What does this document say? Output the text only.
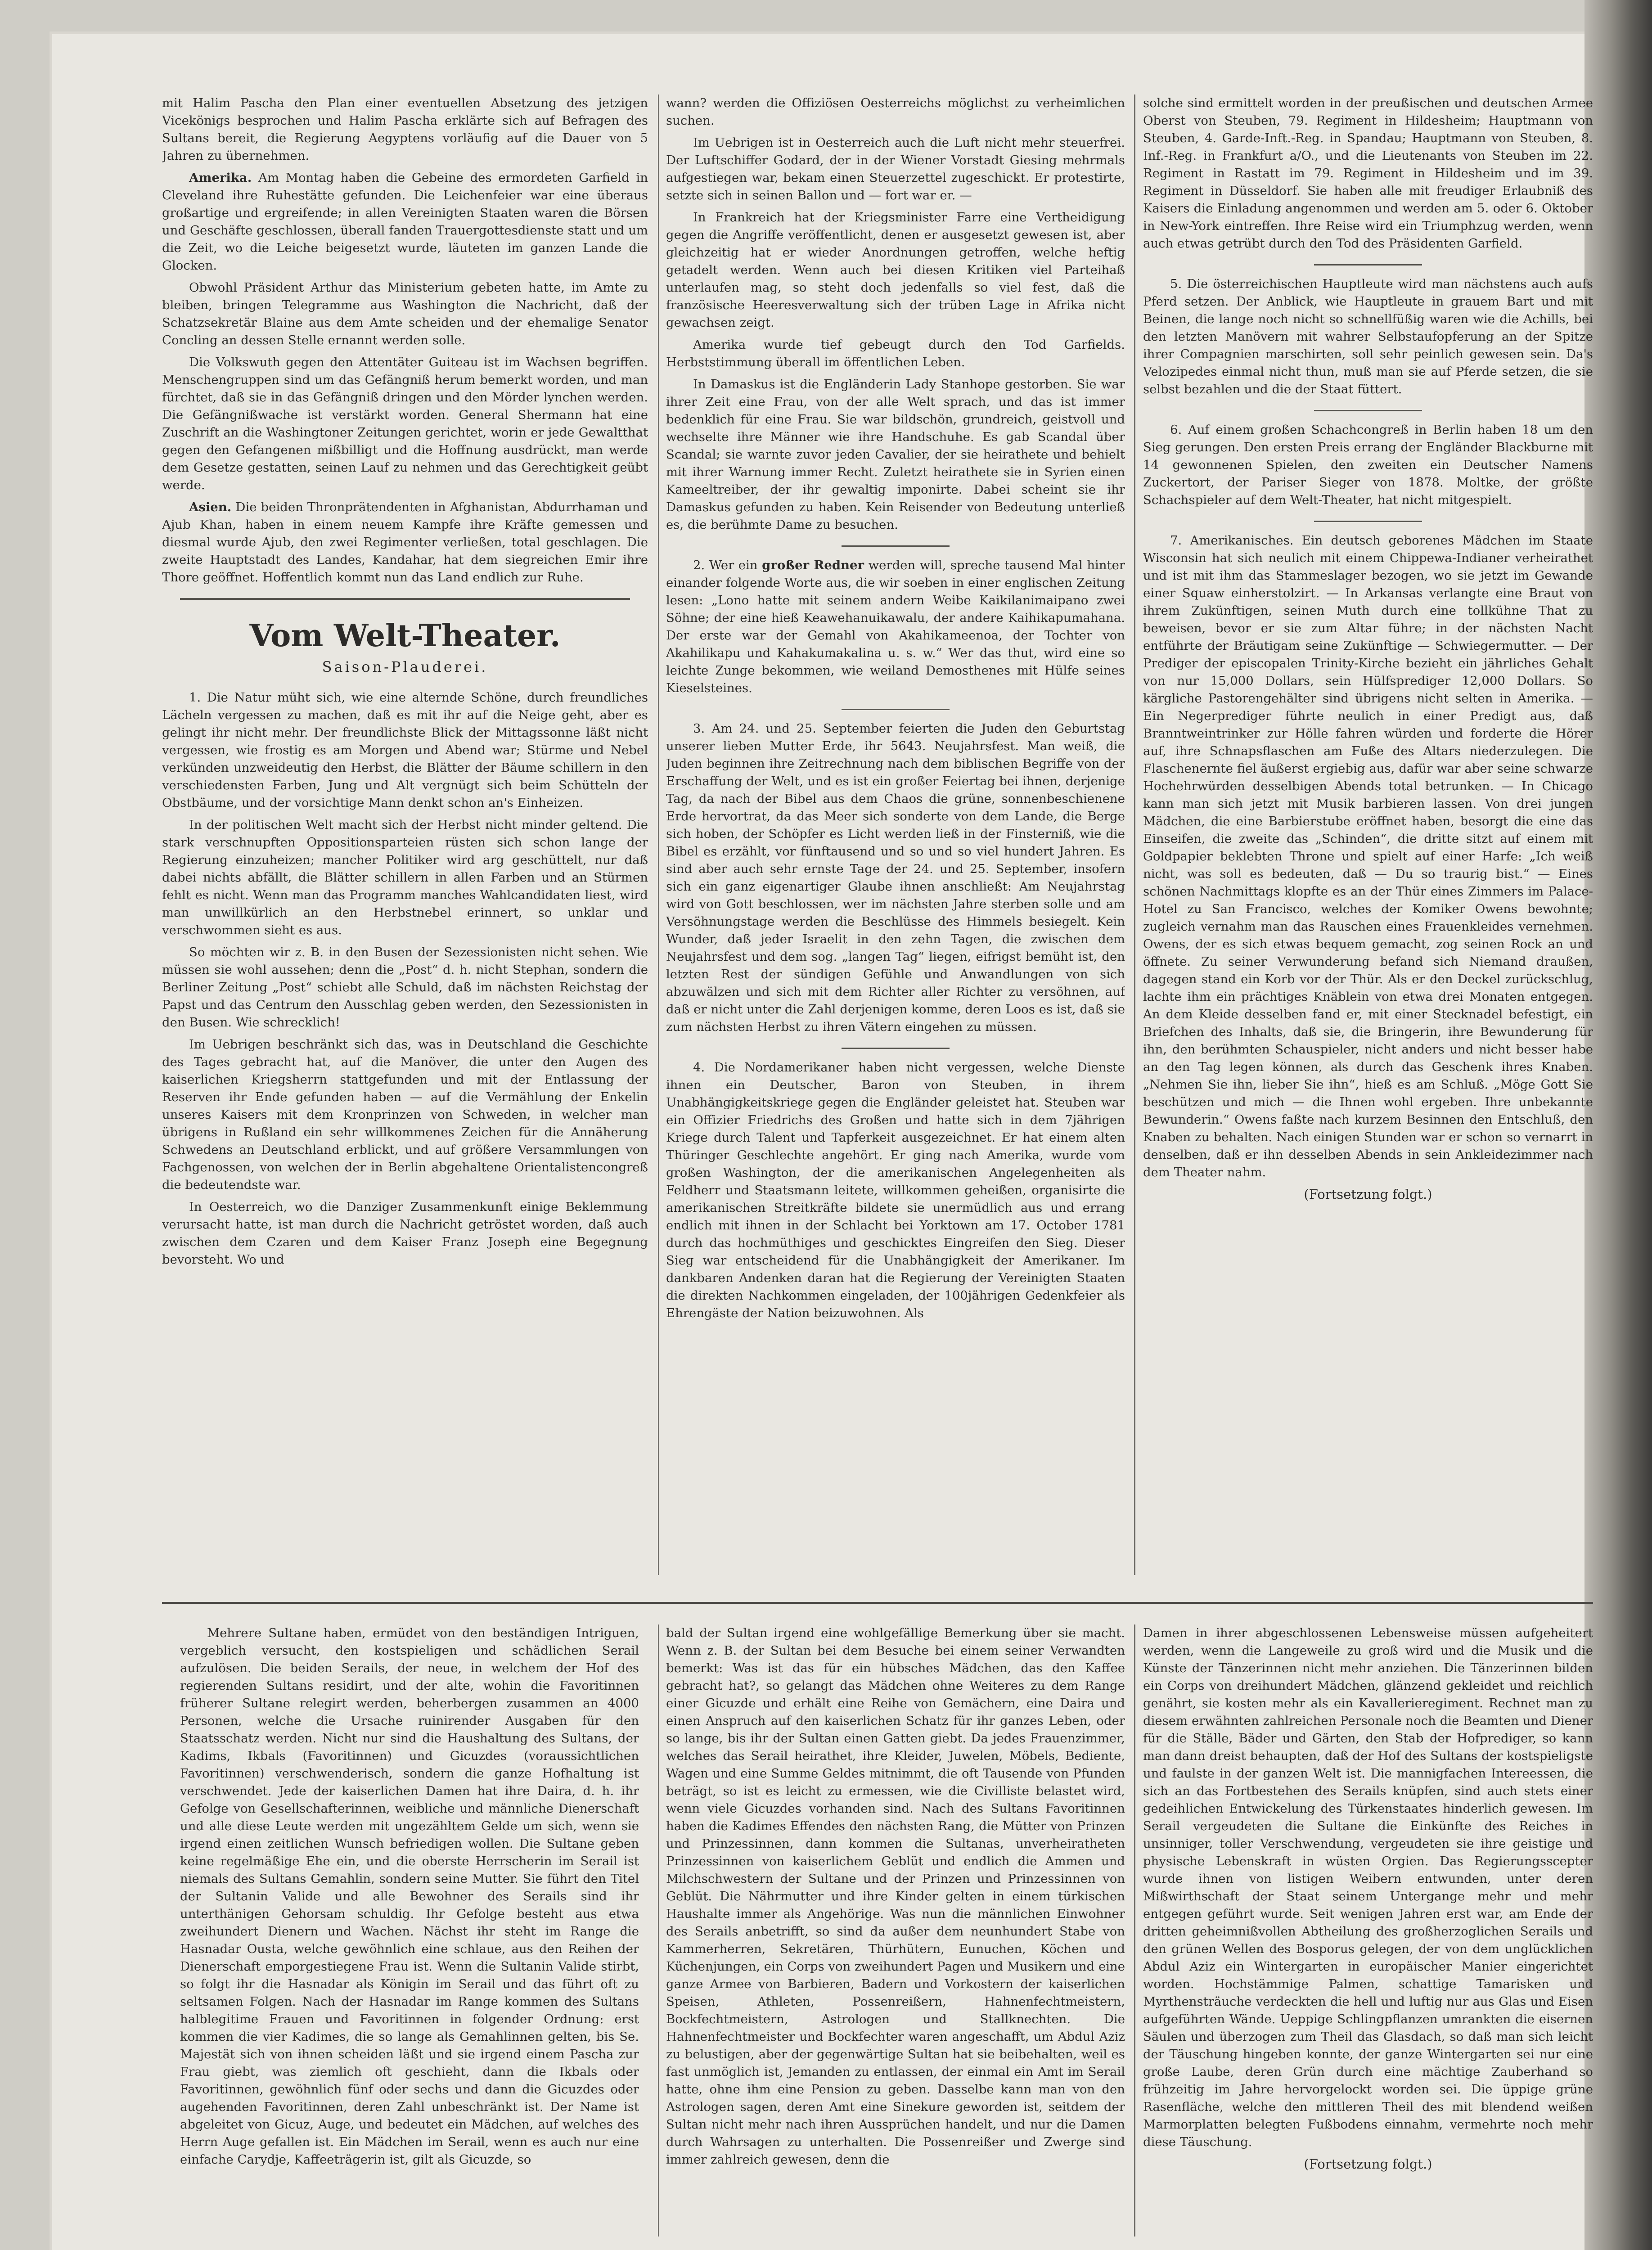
mit Halim Pascha den Plan einer eventuellen Absetzung des jetzigen Vicekönigs besprochen und Halim Pascha erklärte sich auf Befragen des Sultans bereit, die Regierung Aegyptens vorläufig auf die Dauer von 5 Jahren zu übernehmen.

Amerika. Am Montag haben die Gebeine des ermordeten Garfield in Cleveland ihre Ruhestätte gefunden. Die Leichenfeier war eine überaus großartige und ergreifende; in allen Vereinigten Staaten waren die Börsen und Geschäfte geschlossen, überall fanden Trauergottesdienste statt und um die Zeit, wo die Leiche beigesetzt wurde, läuteten im ganzen Lande die Glocken.

Obwohl Präsident Arthur das Ministerium gebeten hatte, im Amte zu bleiben, bringen Telegramme aus Washington die Nachricht, daß der Schatzsekretär Blaine aus dem Amte scheiden und der ehemalige Senator Concling an dessen Stelle ernannt werden solle.

Die Volkswuth gegen den Attentäter Guiteau ist im Wachsen begriffen. Menschengruppen sind um das Gefängniß herum bemerkt worden, und man fürchtet, daß sie in das Gefängniß dringen und den Mörder lynchen werden. Die Gefängnißwache ist verstärkt worden. General Shermann hat eine Zuschrift an die Washingtoner Zeitungen gerichtet, worin er jede Gewaltthat gegen den Gefangenen mißbilligt und die Hoffnung ausdrückt, man werde dem Gesetze gestatten, seinen Lauf zu nehmen und das Gerechtigkeit geübt werde.

Asien. Die beiden Thronprätendenten in Afghanistan, Abdurrhaman und Ajub Khan, haben in einem neuem Kampfe ihre Kräfte gemessen und diesmal wurde Ajub, den zwei Regimenter verließen, total geschlagen. Die zweite Hauptstadt des Landes, Kandahar, hat dem siegreichen Emir ihre Thore geöffnet. Hoffentlich kommt nun das Land endlich zur Ruhe.

Vom Welt-Theater.
Saison-Plauderei.

1. Die Natur müht sich, wie eine alternde Schöne, durch freundliches Lächeln vergessen zu machen, daß es mit ihr auf die Neige geht, aber es gelingt ihr nicht mehr. Der freundlichste Blick der Mittagssonne läßt nicht vergessen, wie frostig es am Morgen und Abend war; Stürme und Nebel verkünden unzweideutig den Herbst, die Blätter der Bäume schillern in den verschiedensten Farben, Jung und Alt vergnügt sich beim Schütteln der Obstbäume, und der vorsichtige Mann denkt schon an's Einheizen.

In der politischen Welt macht sich der Herbst nicht minder geltend. Die stark verschnupften Oppositionsparteien rüsten sich schon lange der Regierung einzuheizen; mancher Politiker wird arg geschüttelt, nur daß dabei nichts abfällt, die Blätter schillern in allen Farben und an Stürmen fehlt es nicht. Wenn man das Programm manches Wahlcandidaten liest, wird man unwillkürlich an den Herbstnebel erinnert, so unklar und verschwommen sieht es aus.

So möchten wir z. B. in den Busen der Sezessionisten nicht sehen. Wie müssen sie wohl aussehen; denn die „Post“ d. h. nicht Stephan, sondern die Berliner Zeitung „Post“ schiebt alle Schuld, daß im nächsten Reichstag der Papst und das Centrum den Ausschlag geben werden, den Sezessionisten in den Busen. Wie schrecklich!

Im Uebrigen beschränkt sich das, was in Deutschland die Geschichte des Tages gebracht hat, auf die Manöver, die unter den Augen des kaiserlichen Kriegsherrn stattgefunden und mit der Entlassung der Reserven ihr Ende gefunden haben — auf die Vermählung der Enkelin unseres Kaisers mit dem Kronprinzen von Schweden, in welcher man übrigens in Rußland ein sehr willkommenes Zeichen für die Annäherung Schwedens an Deutschland erblickt, und auf größere Versammlungen von Fachgenossen, von welchen der in Berlin abgehaltene Orientalistencongreß die bedeutendste war.

In Oesterreich, wo die Danziger Zusammenkunft einige Beklemmung verursacht hatte, ist man durch die Nachricht getröstet worden, daß auch zwischen dem Czaren und dem Kaiser Franz Joseph eine Begegnung bevorsteht. Wo und

wann? werden die Offiziösen Oesterreichs möglichst zu verheimlichen suchen.

Im Uebrigen ist in Oesterreich auch die Luft nicht mehr steuerfrei. Der Luftschiffer Godard, der in der Wiener Vorstadt Giesing mehrmals aufgestiegen war, bekam einen Steuerzettel zugeschickt. Er protestirte, setzte sich in seinen Ballon und — fort war er. —

In Frankreich hat der Kriegsminister Farre eine Vertheidigung gegen die Angriffe veröffentlicht, denen er ausgesetzt gewesen ist, aber gleichzeitig hat er wieder Anordnungen getroffen, welche heftig getadelt werden. Wenn auch bei diesen Kritiken viel Parteihaß unterlaufen mag, so steht doch jedenfalls so viel fest, daß die französische Heeresverwaltung sich der trüben Lage in Afrika nicht gewachsen zeigt.

Amerika wurde tief gebeugt durch den Tod Garfields. Herbststimmung überall im öffentlichen Leben.

In Damaskus ist die Engländerin Lady Stanhope gestorben. Sie war ihrer Zeit eine Frau, von der alle Welt sprach, und das ist immer bedenklich für eine Frau. Sie war bildschön, grundreich, geistvoll und wechselte ihre Männer wie ihre Handschuhe. Es gab Scandal über Scandal; sie warnte zuvor jeden Cavalier, der sie heirathete und behielt mit ihrer Warnung immer Recht. Zuletzt heirathete sie in Syrien einen Kameeltreiber, der ihr gewaltig imponirte. Dabei scheint sie ihr Damaskus gefunden zu haben. Kein Reisender von Bedeutung unterließ es, die berühmte Dame zu besuchen.

2. Wer ein großer Redner werden will, spreche tausend Mal hinter einander folgende Worte aus, die wir soeben in einer englischen Zeitung lesen: „Lono hatte mit seinem andern Weibe Kaikilanimaipano zwei Söhne; der eine hieß Keawehanuikawalu, der andere Kaihikapumahana. Der erste war der Gemahl von Akahikameenoa, der Tochter von Akahilikapu und Kahakumakalina u. s. w.“ Wer das thut, wird eine so leichte Zunge bekommen, wie weiland Demosthenes mit Hülfe seines Kieselsteines.

3. Am 24. und 25. September feierten die Juden den Geburtstag unserer lieben Mutter Erde, ihr 5643. Neujahrsfest. Man weiß, die Juden beginnen ihre Zeitrechnung nach dem biblischen Begriffe von der Erschaffung der Welt, und es ist ein großer Feiertag bei ihnen, derjenige Tag, da nach der Bibel aus dem Chaos die grüne, sonnenbeschienene Erde hervortrat, da das Meer sich sonderte von dem Lande, die Berge sich hoben, der Schöpfer es Licht werden ließ in der Finsterniß, wie die Bibel es erzählt, vor fünftausend und so und so viel hundert Jahren. Es sind aber auch sehr ernste Tage der 24. und 25. September, insofern sich ein ganz eigenartiger Glaube ihnen anschließt: Am Neujahrstag wird von Gott beschlossen, wer im nächsten Jahre sterben solle und am Versöhnungstage werden die Beschlüsse des Himmels besiegelt. Kein Wunder, daß jeder Israelit in den zehn Tagen, die zwischen dem Neujahrsfest und dem sog. „langen Tag“ liegen, eifrigst bemüht ist, den letzten Rest der sündigen Gefühle und Anwandlungen von sich abzuwälzen und sich mit dem Richter aller Richter zu versöhnen, auf daß er nicht unter die Zahl derjenigen komme, deren Loos es ist, daß sie zum nächsten Herbst zu ihren Vätern eingehen zu müssen.

4. Die Nordamerikaner haben nicht vergessen, welche Dienste ihnen ein Deutscher, Baron von Steuben, in ihrem Unabhängigkeitskriege gegen die Engländer geleistet hat. Steuben war ein Offizier Friedrichs des Großen und hatte sich in dem 7jährigen Kriege durch Talent und Tapferkeit ausgezeichnet. Er hat einem alten Thüringer Geschlechte angehört. Er ging nach Amerika, wurde vom großen Washington, der die amerikanischen Angelegenheiten als Feldherr und Staatsmann leitete, willkommen geheißen, organisirte die amerikanischen Streitkräfte bildete sie unermüdlich aus und errang endlich mit ihnen in der Schlacht bei Yorktown am 17. October 1781 durch das hochmüthiges und geschicktes Eingreifen den Sieg. Dieser Sieg war entscheidend für die Unabhängigkeit der Amerikaner. Im dankbaren Andenken daran hat die Regierung der Vereinigten Staaten die direkten Nachkommen eingeladen, der 100jährigen Gedenkfeier als Ehrengäste der Nation beizuwohnen. Als

solche sind ermittelt worden in der preußischen und deutschen Armee Oberst von Steuben, 79. Regiment in Hildesheim; Hauptmann von Steuben, 4. Garde-Inft.-Reg. in Spandau; Hauptmann von Steuben, 8. Inf.-Reg. in Frankfurt a/O., und die Lieutenants von Steuben im 22. Regiment in Rastatt im 79. Regiment in Hildesheim und im 39. Regiment in Düsseldorf. Sie haben alle mit freudiger Erlaubniß des Kaisers die Einladung angenommen und werden am 5. oder 6. Oktober in New-York eintreffen. Ihre Reise wird ein Triumphzug werden, wenn auch etwas getrübt durch den Tod des Präsidenten Garfield.

5. Die österreichischen Hauptleute wird man nächstens auch aufs Pferd setzen. Der Anblick, wie Hauptleute in grauem Bart und mit Beinen, die lange noch nicht so schnellfüßig waren wie die Achills, bei den letzten Manövern mit wahrer Selbstaufopferung an der Spitze ihrer Compagnien marschirten, soll sehr peinlich gewesen sein. Da's Velozipedes einmal nicht thun, muß man sie auf Pferde setzen, die sie selbst bezahlen und die der Staat füttert.

6. Auf einem großen Schachcongreß in Berlin haben 18 um den Sieg gerungen. Den ersten Preis errang der Engländer Blackburne mit 14 gewonnenen Spielen, den zweiten ein Deutscher Namens Zuckertort, der Pariser Sieger von 1878. Moltke, der größte Schachspieler auf dem Welt-Theater, hat nicht mitgespielt.

7. Amerikanisches. Ein deutsch geborenes Mädchen im Staate Wisconsin hat sich neulich mit einem Chippewa-Indianer verheirathet und ist mit ihm das Stammeslager bezogen, wo sie jetzt im Gewande einer Squaw einherstolzirt. — In Arkansas verlangte eine Braut von ihrem Zukünftigen, seinen Muth durch eine tollkühne That zu beweisen, bevor er sie zum Altar führe; in der nächsten Nacht entführte der Bräutigam seine Zukünftige — Schwiegermutter. — Der Prediger der episcopalen Trinity-Kirche bezieht ein jährliches Gehalt von nur 15,000 Dollars, sein Hülfsprediger 12,000 Dollars. So kärgliche Pastorengehälter sind übrigens nicht selten in Amerika. — Ein Negerprediger führte neulich in einer Predigt aus, daß Branntweintrinker zur Hölle fahren würden und forderte die Hörer auf, ihre Schnapsflaschen am Fuße des Altars niederzulegen. Die Flaschenernte fiel äußerst ergiebig aus, dafür war aber seine schwarze Hochehrwürden desselbigen Abends total betrunken. — In Chicago kann man sich jetzt mit Musik barbieren lassen. Von drei jungen Mädchen, die eine Barbierstube eröffnet haben, besorgt die eine das Einseifen, die zweite das „Schinden“, die dritte sitzt auf einem mit Goldpapier beklebten Throne und spielt auf einer Harfe: „Ich weiß nicht, was soll es bedeuten, daß — Du so traurig bist.“ — Eines schönen Nachmittags klopfte es an der Thür eines Zimmers im Palace-Hotel zu San Francisco, welches der Komiker Owens bewohnte; zugleich vernahm man das Rauschen eines Frauenkleides vernehmen. Owens, der es sich etwas bequem gemacht, zog seinen Rock an und öffnete. Zu seiner Verwunderung befand sich Niemand draußen, dagegen stand ein Korb vor der Thür. Als er den Deckel zurückschlug, lachte ihm ein prächtiges Knäblein von etwa drei Monaten entgegen. An dem Kleide desselben fand er, mit einer Stecknadel befestigt, ein Briefchen des Inhalts, daß sie, die Bringerin, ihre Bewunderung für ihn, den berühmten Schauspieler, nicht anders und nicht besser habe an den Tag legen können, als durch das Geschenk ihres Knaben. „Nehmen Sie ihn, lieber Sie ihn“, hieß es am Schluß. „Möge Gott Sie beschützen und mich — die Ihnen wohl ergeben. Ihre unbekannte Bewunderin.“ Owens faßte nach kurzem Besinnen den Entschluß, den Knaben zu behalten. Nach einigen Stunden war er schon so vernarrt in denselben, daß er ihn desselben Abends in sein Ankleidezimmer nach dem Theater nahm.

(Fortsetzung folgt.)

Mehrere Sultane haben, ermüdet von den beständigen Intriguen, vergeblich versucht, den kostspieligen und schädlichen Serail aufzulösen. Die beiden Serails, der neue, in welchem der Hof des regierenden Sultans residirt, und der alte, wohin die Favoritinnen früherer Sultane relegirt werden, beherbergen zusammen an 4000 Personen, welche die Ursache ruinirender Ausgaben für den Staatsschatz werden. Nicht nur sind die Haushaltung des Sultans, der Kadims, Ikbals (Favoritinnen) und Gicuzdes (voraussichtlichen Favoritinnen) verschwenderisch, sondern die ganze Hofhaltung ist verschwendet. Jede der kaiserlichen Damen hat ihre Daira, d. h. ihr Gefolge von Gesellschafterinnen, weibliche und männliche Dienerschaft und alle diese Leute werden mit ungezähltem Gelde um sich, wenn sie irgend einen zeitlichen Wunsch befriedigen wollen. Die Sultane geben keine regelmäßige Ehe ein, und die oberste Herrscherin im Serail ist niemals des Sultans Gemahlin, sondern seine Mutter. Sie führt den Titel der Sultanin Valide und alle Bewohner des Serails sind ihr unterthänigen Gehorsam schuldig. Ihr Gefolge besteht aus etwa zweihundert Dienern und Wachen. Nächst ihr steht im Range die Hasnadar Ousta, welche gewöhnlich eine schlaue, aus den Reihen der Dienerschaft emporgestiegene Frau ist. Wenn die Sultanin Valide stirbt, so folgt ihr die Hasnadar als Königin im Serail und das führt oft zu seltsamen Folgen. Nach der Hasnadar im Range kommen des Sultans halblegitime Frauen und Favoritinnen in folgender Ordnung: erst kommen die vier Kadimes, die so lange als Gemahlinnen gelten, bis Se. Majestät sich von ihnen scheiden läßt und sie irgend einem Pascha zur Frau giebt, was ziemlich oft geschieht, dann die Ikbals oder Favoritinnen, gewöhnlich fünf oder sechs und dann die Gicuzdes oder augehenden Favoritinnen, deren Zahl unbeschränkt ist. Der Name ist abgeleitet von Gicuz, Auge, und bedeutet ein Mädchen, auf welches des Herrn Auge gefallen ist. Ein Mädchen im Serail, wenn es auch nur eine einfache Carydje, Kaffeeträgerin ist, gilt als Gicuzde, so

bald der Sultan irgend eine wohlgefällige Bemerkung über sie macht. Wenn z. B. der Sultan bei dem Besuche bei einem seiner Verwandten bemerkt: Was ist das für ein hübsches Mädchen, das den Kaffee gebracht hat?, so gelangt das Mädchen ohne Weiteres zu dem Range einer Gicuzde und erhält eine Reihe von Gemächern, eine Daira und einen Anspruch auf den kaiserlichen Schatz für ihr ganzes Leben, oder so lange, bis ihr der Sultan einen Gatten giebt. Da jedes Frauenzimmer, welches das Serail heirathet, ihre Kleider, Juwelen, Möbels, Bediente, Wagen und eine Summe Geldes mitnimmt, die oft Tausende von Pfunden beträgt, so ist es leicht zu ermessen, wie die Civilliste belastet wird, wenn viele Gicuzdes vorhanden sind. Nach des Sultans Favoritinnen haben die Kadimes Effendes den nächsten Rang, die Mütter von Prinzen und Prinzessinnen, dann kommen die Sultanas, unverheiratheten Prinzessinnen von kaiserlichem Geblüt und endlich die Ammen und Milchschwestern der Sultane und der Prinzen und Prinzessinnen von Geblüt. Die Nährmutter und ihre Kinder gelten in einem türkischen Haushalte immer als Angehörige. Was nun die männlichen Einwohner des Serails anbetrifft, so sind da außer dem neunhundert Stabe von Kammerherren, Sekretären, Thürhütern, Eunuchen, Köchen und Küchenjungen, ein Corps von zweihundert Pagen und Musikern und eine ganze Armee von Barbieren, Badern und Vorkostern der kaiserlichen Speisen, Athleten, Possenreißern, Hahnenfechtmeistern, Bockfechtmeistern, Astrologen und Stallknechten. Die Hahnenfechtmeister und Bockfechter waren angeschafft, um Abdul Aziz zu belustigen, aber der gegenwärtige Sultan hat sie beibehalten, weil es fast unmöglich ist, Jemanden zu entlassen, der einmal ein Amt im Serail hatte, ohne ihm eine Pension zu geben. Dasselbe kann man von den Astrologen sagen, deren Amt eine Sinekure geworden ist, seitdem der Sultan nicht mehr nach ihren Aussprüchen handelt, und nur die Damen durch Wahrsagen zu unterhalten. Die Possenreißer und Zwerge sind immer zahlreich gewesen, denn die

Damen in ihrer abgeschlossenen Lebensweise müssen aufgeheitert werden, wenn die Langeweile zu groß wird und die Musik und die Künste der Tänzerinnen nicht mehr anziehen. Die Tänzerinnen bilden ein Corps von dreihundert Mädchen, glänzend gekleidet und reichlich genährt, sie kosten mehr als ein Kavallerieregiment. Rechnet man zu diesem erwähnten zahlreichen Personale noch die Beamten und Diener für die Ställe, Bäder und Gärten, den Stab der Hofprediger, so kann man dann dreist behaupten, daß der Hof des Sultans der kostspieligste und faulste in der ganzen Welt ist. Die mannigfachen Intereessen, die sich an das Fortbestehen des Serails knüpfen, sind auch stets einer gedeihlichen Entwickelung des Türkenstaates hinderlich gewesen. Im Serail vergeudeten die Sultane die Einkünfte des Reiches in unsinniger, toller Verschwendung, vergeudeten sie ihre geistige und physische Lebenskraft in wüsten Orgien. Das Regierungsscepter wurde ihnen von listigen Weibern entwunden, unter deren Mißwirthschaft der Staat seinem Untergange mehr und mehr entgegen geführt wurde. Seit wenigen Jahren erst war, am Ende der dritten geheimnißvollen Abtheilung des großherzoglichen Serails und den grünen Wellen des Bosporus gelegen, der von dem unglücklichen Abdul Aziz ein Wintergarten in europäischer Manier eingerichtet worden. Hochstämmige Palmen, schattige Tamarisken und Myrthensträuche verdeckten die hell und luftig nur aus Glas und Eisen aufgeführten Wände. Ueppige Schlingpflanzen umrankten die eisernen Säulen und überzogen zum Theil das Glasdach, so daß man sich leicht der Täuschung hingeben konnte, der ganze Wintergarten sei nur eine große Laube, deren Grün durch eine mächtige Zauberhand so frühzeitig im Jahre hervorgelockt worden sei. Die üppige grüne Rasenfläche, welche den mittleren Theil des mit blendend weißen Marmorplatten belegten Fußbodens einnahm, vermehrte noch mehr diese Täuschung.

(Fortsetzung folgt.)
